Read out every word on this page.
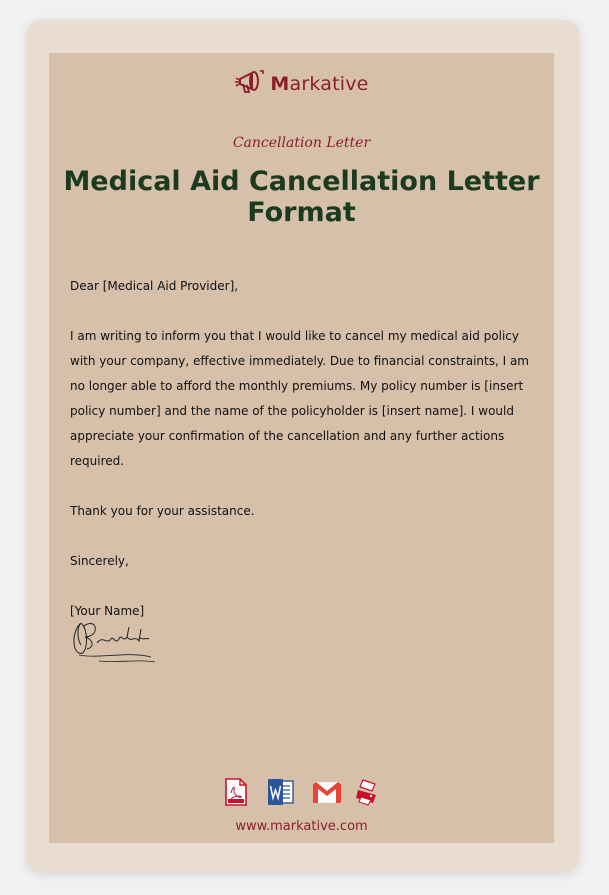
Markative
Cancellation Letter
Medical Aid Cancellation Letter Format

Dear [Medical Aid Provider],

I am writing to inform you that I would like to cancel my medical aid policy with your company, effective immediately. Due to financial constraints, I am no longer able to afford the monthly premiums. My policy number is [insert policy number] and the name of the policyholder is [insert name]. I would appreciate your confirmation of the cancellation and any further actions required.

Thank you for your assistance.

Sincerely,

[Your Name]

www.markative.com
